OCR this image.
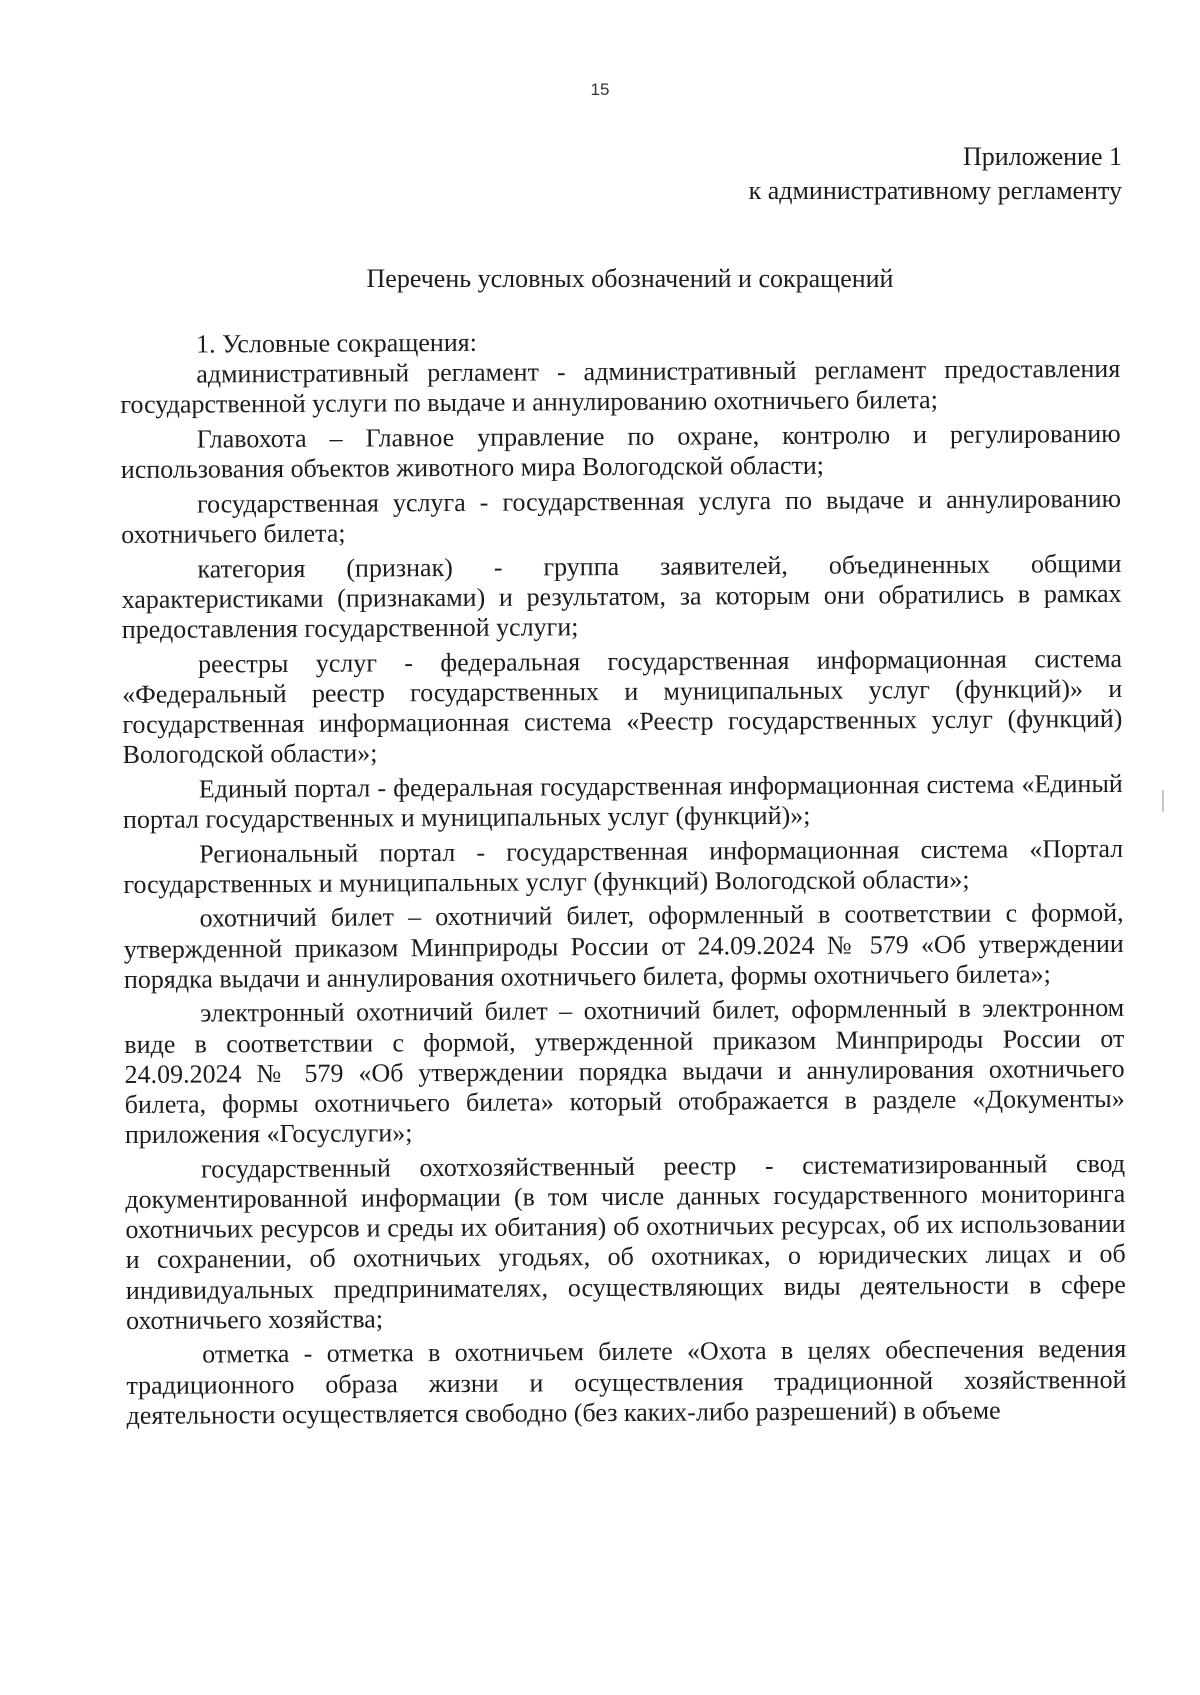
15
Приложение 1
к административному регламенту
Перечень условных обозначений и сокращений

1. Условные сокращения:

административный регламент - административный регламент предоставления государственной услуги по выдаче и аннулированию охотничьего билета;

Главохота – Главное управление по охране, контролю и регулированию использования объектов животного мира Вологодской области;

государственная услуга - государственная услуга по выдаче и аннулированию охотничьего билета;

категория (признак) - группа заявителей, объединенных общими характеристиками (признаками) и результатом, за которым они обратились в рамках предоставления государственной услуги;

реестры услуг - федеральная государственная информационная система «Федеральный реестр государственных и муниципальных услуг (функций)» и государственная информационная система «Реестр государственных услуг (функций) Вологодской области»;

Единый портал - федеральная государственная информационная система «Единый портал государственных и муниципальных услуг (функций)»;

Региональный портал - государственная информационная система «Портал государственных и муниципальных услуг (функций) Вологодской области»;

охотничий билет – охотничий билет, оформленный в соответствии с формой, утвержденной приказом Минприроды России от 24.09.2024 № 579 «Об утверждении порядка выдачи и аннулирования охотничьего билета, формы охотничьего билета»;

электронный охотничий билет – охотничий билет, оформленный в электронном виде в соответствии с формой, утвержденной приказом Минприроды России от 24.09.2024 № 579 «Об утверждении порядка выдачи и аннулирования охотничьего билета, формы охотничьего билета» который отображается в разделе «Документы» приложения «Госуслуги»;

государственный охотхозяйственный реестр - систематизированный свод документированной информации (в том числе данных государственного мониторинга охотничьих ресурсов и среды их обитания) об охотничьих ресурсах, об их использовании и сохранении, об охотничьих угодьях, об охотниках, о юридических лицах и об индивидуальных предпринимателях, осуществляющих виды деятельности в сфере охотничьего хозяйства;

отметка - отметка в охотничьем билете «Охота в целях обеспечения ведения традиционного образа жизни и осуществления традиционной хозяйственной деятельности осуществляется свободно (без каких-либо разрешений) в объеме
